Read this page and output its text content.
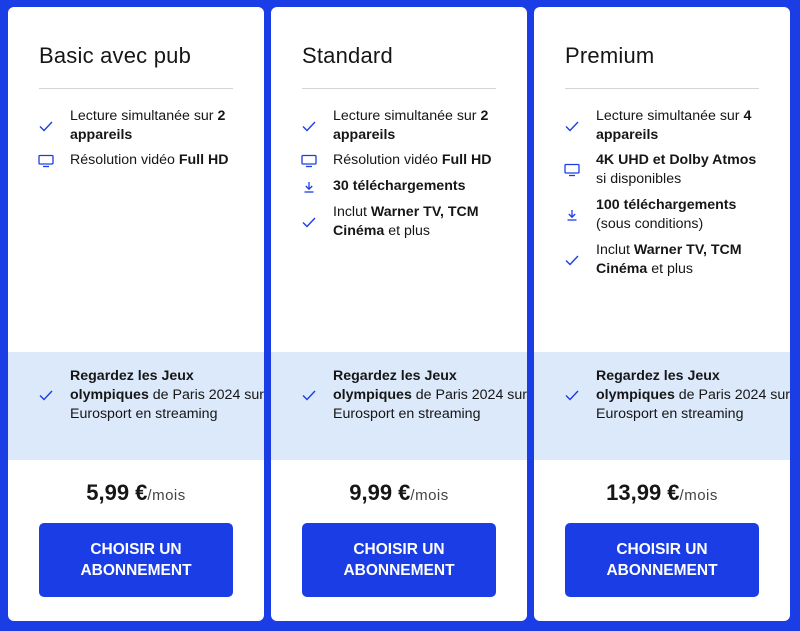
Basic avec pub
Lecture simultanée sur 2 appareils
Résolution vidéo Full HD
Regardez les Jeux olympiques de Paris 2024 sur Eurosport en streaming
5,99 €/mois
CHOISIR UN ABONNEMENT
Standard
Lecture simultanée sur 2 appareils
Résolution vidéo Full HD
30 téléchargements
Inclut Warner TV, TCM Cinéma et plus
Regardez les Jeux olympiques de Paris 2024 sur Eurosport en streaming
9,99 €/mois
CHOISIR UN ABONNEMENT
Premium
Lecture simultanée sur 4 appareils
4K UHD et Dolby Atmos si disponibles
100 téléchargements (sous conditions)
Inclut Warner TV, TCM Cinéma et plus
Regardez les Jeux olympiques de Paris 2024 sur Eurosport en streaming
13,99 €/mois
CHOISIR UN ABONNEMENT
